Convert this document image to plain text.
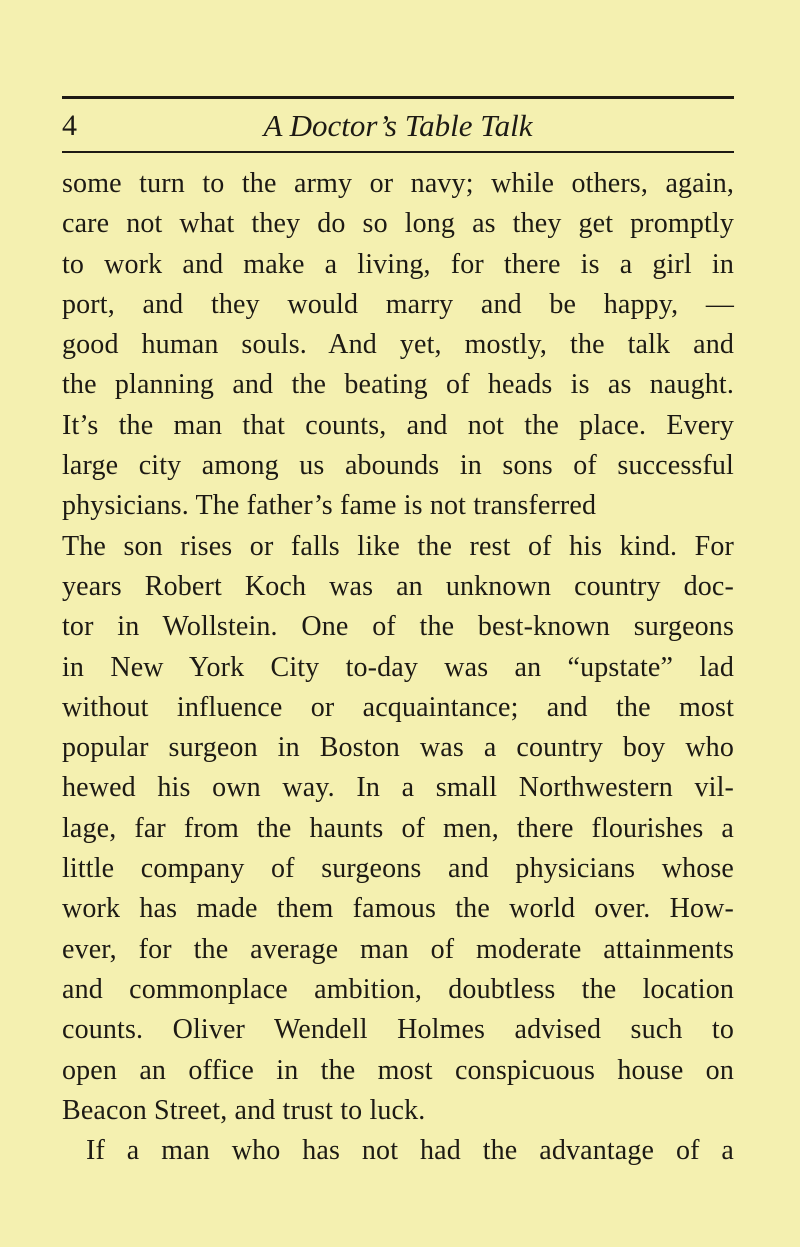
4	A Doctor’s Table Talk
some turn to the army or navy; while others, again,
care not what they do so long as they get promptly
to work and make a living, for there is a girl in
port, and they would marry and be happy, —
good human souls. And yet, mostly, the talk and
the planning and the beating of heads is as naught.
It’s the man that counts, and not the place. Every
large city among us abounds in sons of successful
physicians. The father’s fame is not transferred
The son rises or falls like the rest of his kind. For
years Robert Koch was an unknown country doc-
tor in Wollstein. One of the best-known surgeons
in New York City to-day was an “upstate” lad
without influence or acquaintance; and the most
popular surgeon in Boston was a country boy who
hewed his own way. In a small Northwestern vil-
lage, far from the haunts of men, there flourishes a
little company of surgeons and physicians whose
work has made them famous the world over. How-
ever, for the average man of moderate attainments
and commonplace ambition, doubtless the location
counts. Oliver Wendell Holmes advised such to
open an office in the most conspicuous house on
Beacon Street, and trust to luck.
If a man who has not had the advantage of a
